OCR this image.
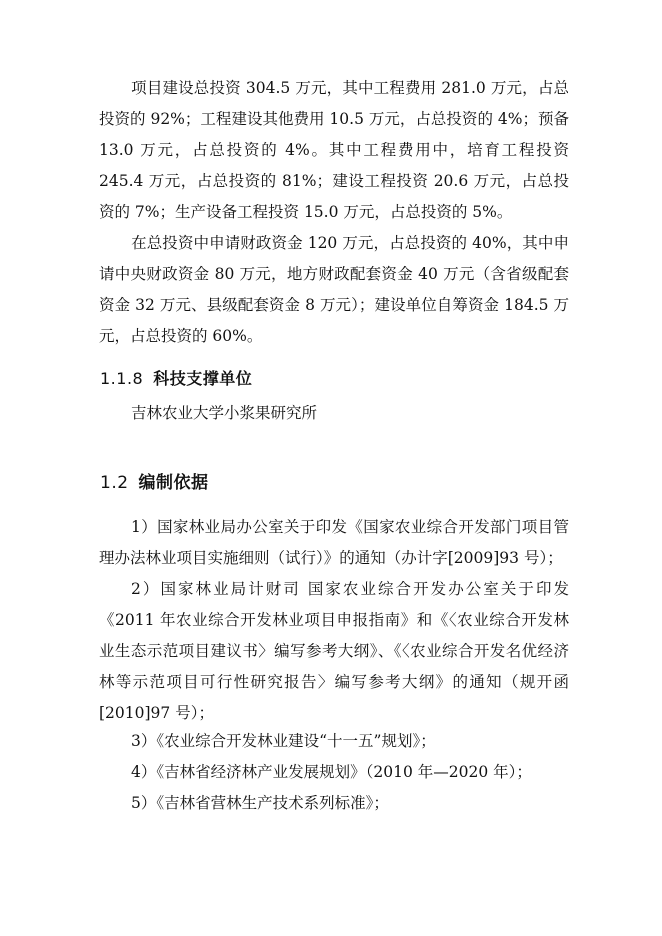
项目建设总投资 304.5 万元，其中工程费用 281.0 万元，占总投资的 92%；工程建设其他费用 10.5 万元，占总投资的 4%；预备 13.0 万元，占总投资的 4%。其中工程费用中，培育工程投资 245.4 万元，占总投资的 81%；建设工程投资 20.6 万元，占总投资的 7%；生产设备工程投资 15.0 万元，占总投资的 5%。

在总投资中申请财政资金 120 万元，占总投资的 40%，其中申请中央财政资金 80 万元，地方财政配套资金 40 万元（含省级配套资金 32 万元、县级配套资金 8 万元）；建设单位自筹资金 184.5 万元，占总投资的 60%。

1.1.8 科技支撑单位

吉林农业大学小浆果研究所

1.2 编制依据

1）国家林业局办公室关于印发《国家农业综合开发部门项目管理办法林业项目实施细则（试行）》的通知（办计字[2009]93 号）；

2）国家林业局计财司 国家农业综合开发办公室关于印发《2011 年农业综合开发林业项目申报指南》和《〈农业综合开发林业生态示范项目建议书〉编写参考大纲》、《〈农业综合开发名优经济林等示范项目可行性研究报告〉编写参考大纲》的通知（规开函[2010]97 号）；

3）《农业综合开发林业建设“十一五”规划》；

4）《吉林省经济林产业发展规划》（2010 年—2020 年）；

5）《吉林省营林生产技术系列标准》；
